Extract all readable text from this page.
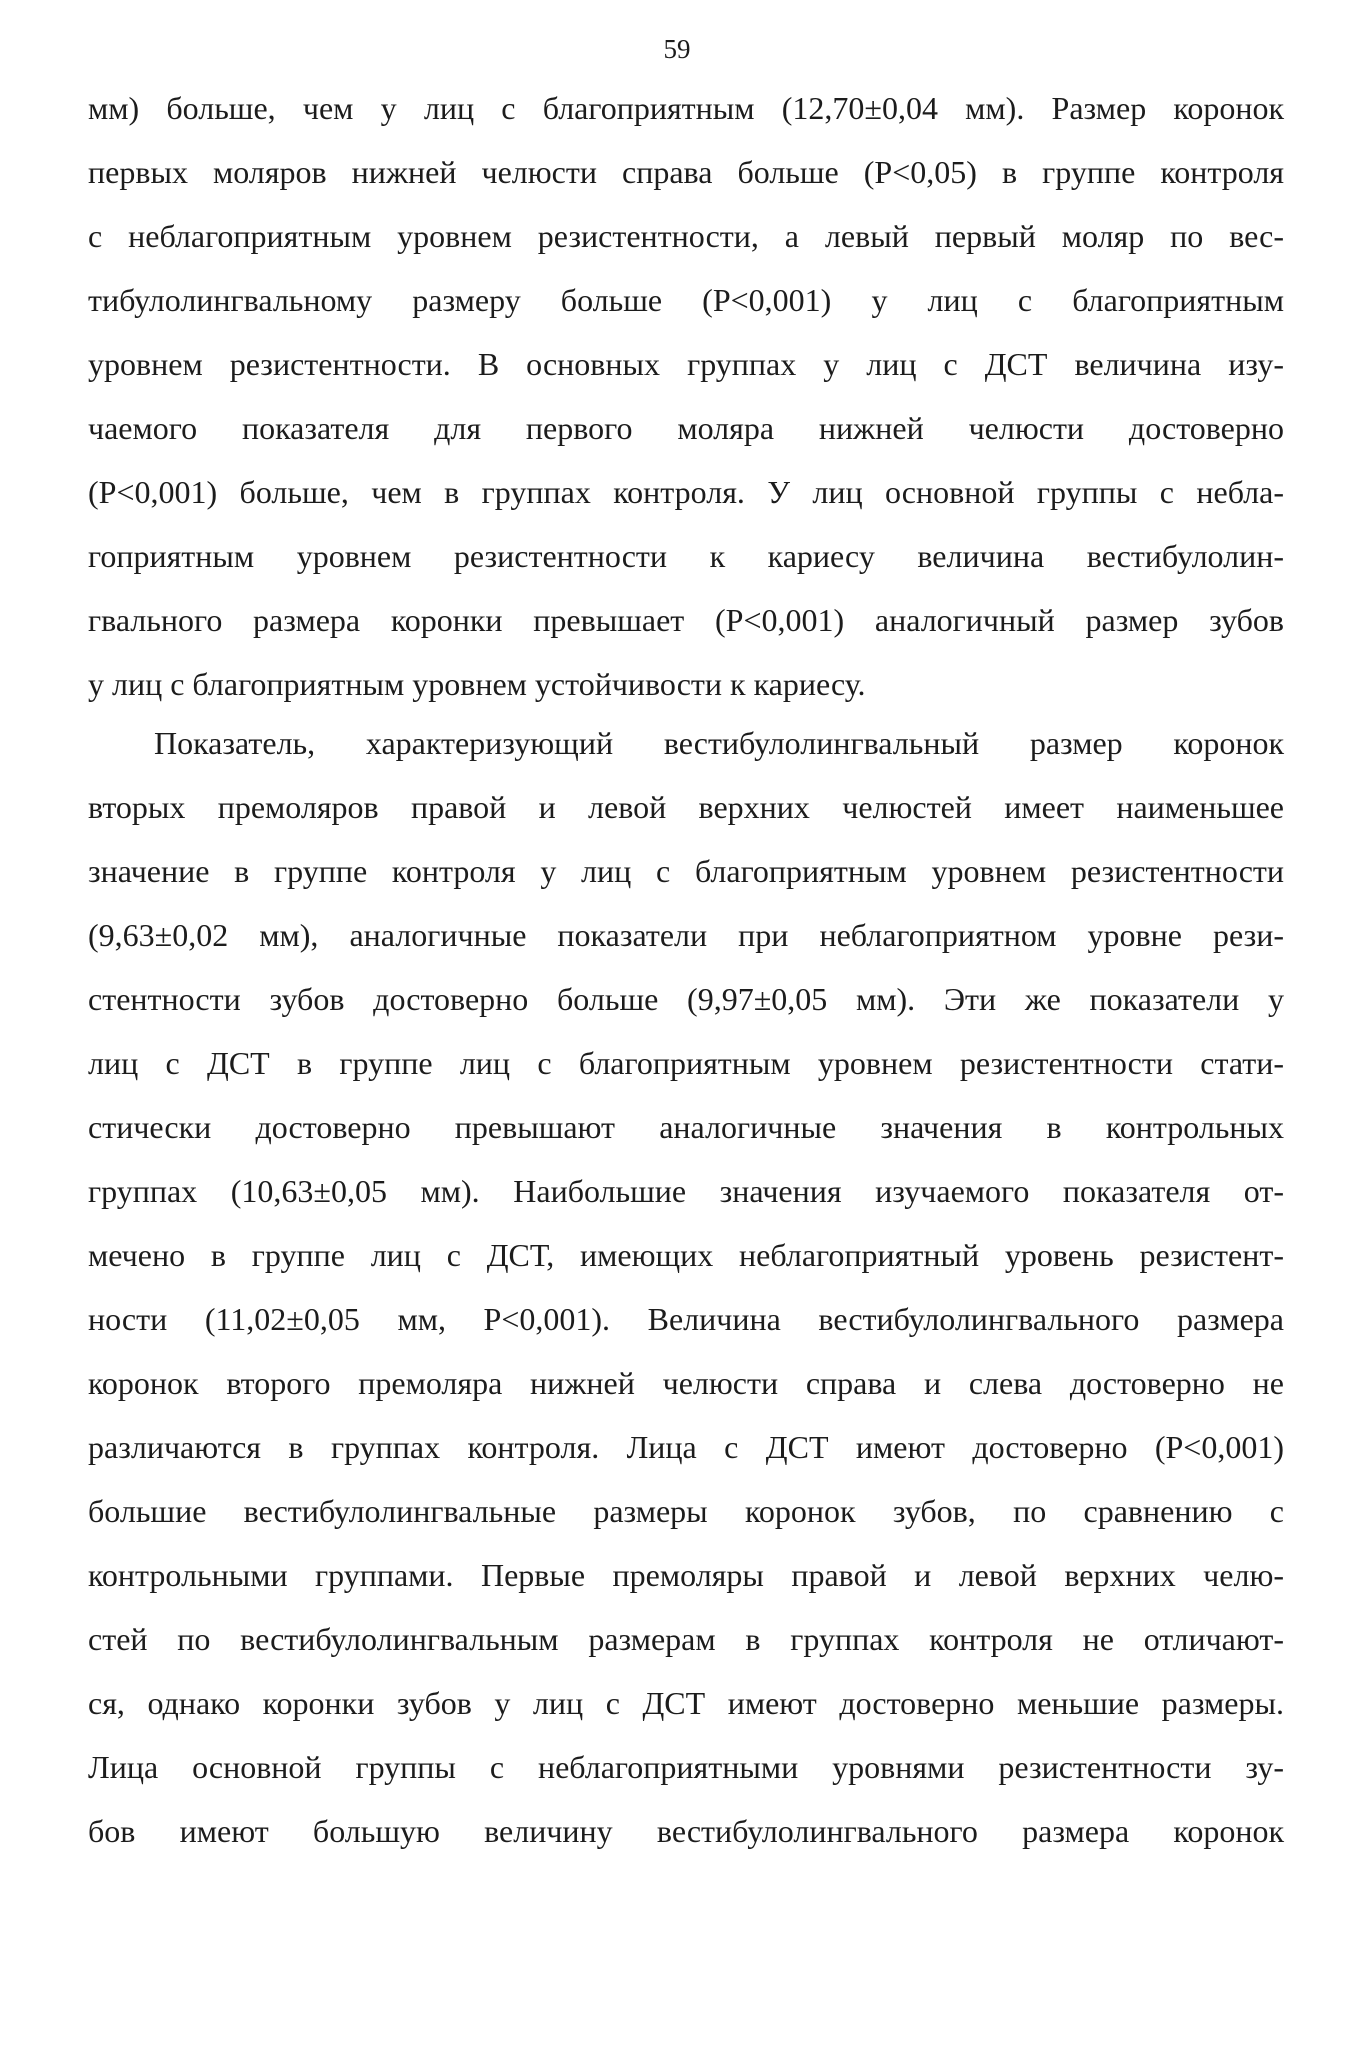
59
мм) больше, чем у лиц с благоприятным (12,70±0,04 мм). Размер коронок
первых моляров нижней челюсти справа больше (P<0,05) в группе контроля
с неблагоприятным уровнем резистентности, а левый первый моляр по вес-
тибулолингвальному размеру больше (P<0,001) у лиц с благоприятным
уровнем резистентности. В основных группах у лиц с ДСТ величина изу-
чаемого показателя для первого моляра нижней челюсти достоверно
(P<0,001) больше, чем в группах контроля. У лиц основной группы с небла-
гоприятным уровнем резистентности к кариесу величина вестибулолин-
гвального размера коронки превышает (P<0,001) аналогичный размер зубов
у лиц с благоприятным уровнем устойчивости к кариесу.
Показатель, характеризующий вестибулолингвальный размер коронок
вторых премоляров правой и левой верхних челюстей имеет наименьшее
значение в группе контроля у лиц с благоприятным уровнем резистентности
(9,63±0,02 мм), аналогичные показатели при неблагоприятном уровне рези-
стентности зубов достоверно больше (9,97±0,05 мм). Эти же показатели у
лиц с ДСТ в группе лиц с благоприятным уровнем резистентности стати-
стически достоверно превышают аналогичные значения в контрольных
группах (10,63±0,05 мм). Наибольшие значения изучаемого показателя от-
мечено в группе лиц с ДСТ, имеющих неблагоприятный уровень резистент-
ности (11,02±0,05 мм, P<0,001). Величина вестибулолингвального размера
коронок второго премоляра нижней челюсти справа и слева достоверно не
различаются в группах контроля. Лица с ДСТ имеют достоверно (P<0,001)
большие вестибулолингвальные размеры коронок зубов, по сравнению с
контрольными группами. Первые премоляры правой и левой верхних челю-
стей по вестибулолингвальным размерам в группах контроля не отличают-
ся, однако коронки зубов у лиц с ДСТ имеют достоверно меньшие размеры.
Лица основной группы с неблагоприятными уровнями резистентности зу-
бов имеют большую величину вестибулолингвального размера коронок
